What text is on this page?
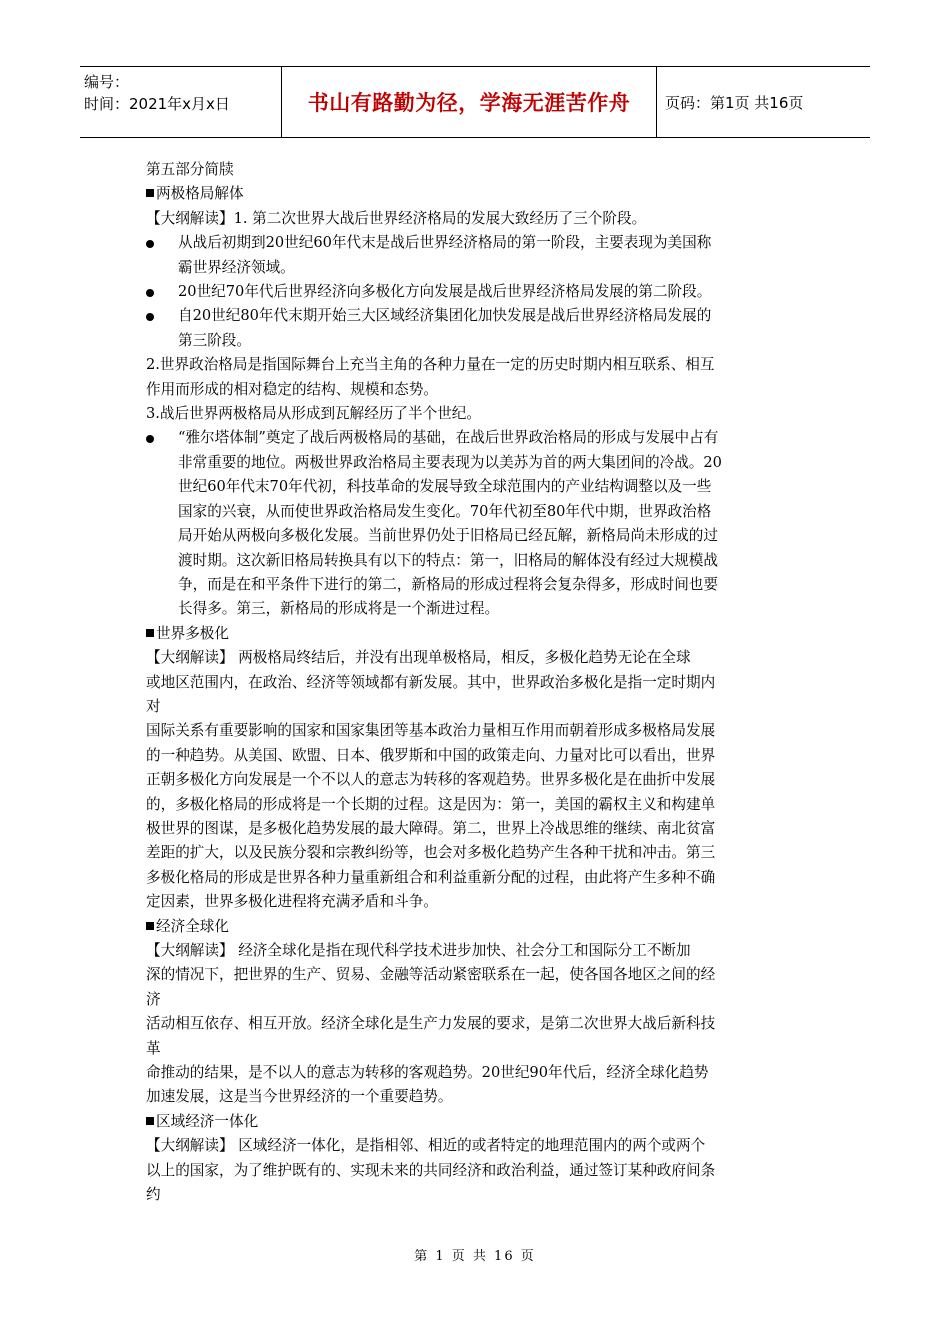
编号：
时间：2021年x月x日	书山有路勤为径，学海无涯苦作舟 页码：第1页 共16页

第五部分简牍

两极格局解体

【大纲解读】1. 第二次世界大战后世界经济格局的发展大致经历了三个阶段。

从战后初期到20世纪60年代末是战后世界经济格局的第一阶段，主要表现为美国称
霸世界经济领域。
20世纪70年代后世界经济向多极化方向发展是战后世界经济格局发展的第二阶段。
自20世纪80年代末期开始三大区域经济集团化加快发展是战后世界经济格局发展的
第三阶段。

2.世界政治格局是指国际舞台上充当主角的各种力量在一定的历史时期内相互联系、相互

作用而形成的相对稳定的结构、规模和态势。

3.战后世界两极格局从形成到瓦解经历了半个世纪。

“雅尔塔体制”奠定了战后两极格局的基础，在战后世界政治格局的形成与发展中占有
非常重要的地位。两极世界政治格局主要表现为以美苏为首的两大集团间的冷战。20
世纪60年代末70年代初，科技革命的发展导致全球范围内的产业结构调整以及一些
国家的兴衰，从而使世界政治格局发生变化。70年代初至80年代中期，世界政治格
局开始从两极向多极化发展。当前世界仍处于旧格局已经瓦解，新格局尚未形成的过
渡时期。这次新旧格局转换具有以下的特点：第一，旧格局的解体没有经过大规模战
争，而是在和平条件下进行的第二，新格局的形成过程将会复杂得多，形成时间也要
长得多。第三，新格局的形成将是一个渐进过程。

世界多极化

【大纲解读】 两极格局终结后，并没有出现单极格局，相反，多极化趋势无论在全球

或地区范围内，在政治、经济等领域都有新发展。其中，世界政治多极化是指一定时期内

对

国际关系有重要影响的国家和国家集团等基本政治力量相互作用而朝着形成多极格局发展

的一种趋势。从美国、欧盟、日本、俄罗斯和中国的政策走向、力量对比可以看出，世界

正朝多极化方向发展是一个不以人的意志为转移的客观趋势。世界多极化是在曲折中发展

的，多极化格局的形成将是一个长期的过程。这是因为：第一，美国的霸权主义和构建单

极世界的图谋，是多极化趋势发展的最大障碍。第二，世界上冷战思维的继续、南北贫富

差距的扩大，以及民族分裂和宗教纠纷等，也会对多极化趋势产生各种干扰和冲击。第三

多极化格局的形成是世界各种力量重新组合和利益重新分配的过程，由此将产生多种不确

定因素，世界多极化进程将充满矛盾和斗争。

经济全球化

【大纲解读】 经济全球化是指在现代科学技术进步加快、社会分工和国际分工不断加

深的情况下，把世界的生产、贸易、金融等活动紧密联系在一起，使各国各地区之间的经

济

活动相互依存、相互开放。经济全球化是生产力发展的要求，是第二次世界大战后新科技

革

命推动的结果，是不以人的意志为转移的客观趋势。20世纪90年代后，经济全球化趋势

加速发展，这是当今世界经济的一个重要趋势。

区域经济一体化

【大纲解读】 区域经济一体化，是指相邻、相近的或者特定的地理范围内的两个或两个

以上的国家，为了维护既有的、实现未来的共同经济和政治利益，通过签订某种政府间条

约

第 1 页 共 16 页
